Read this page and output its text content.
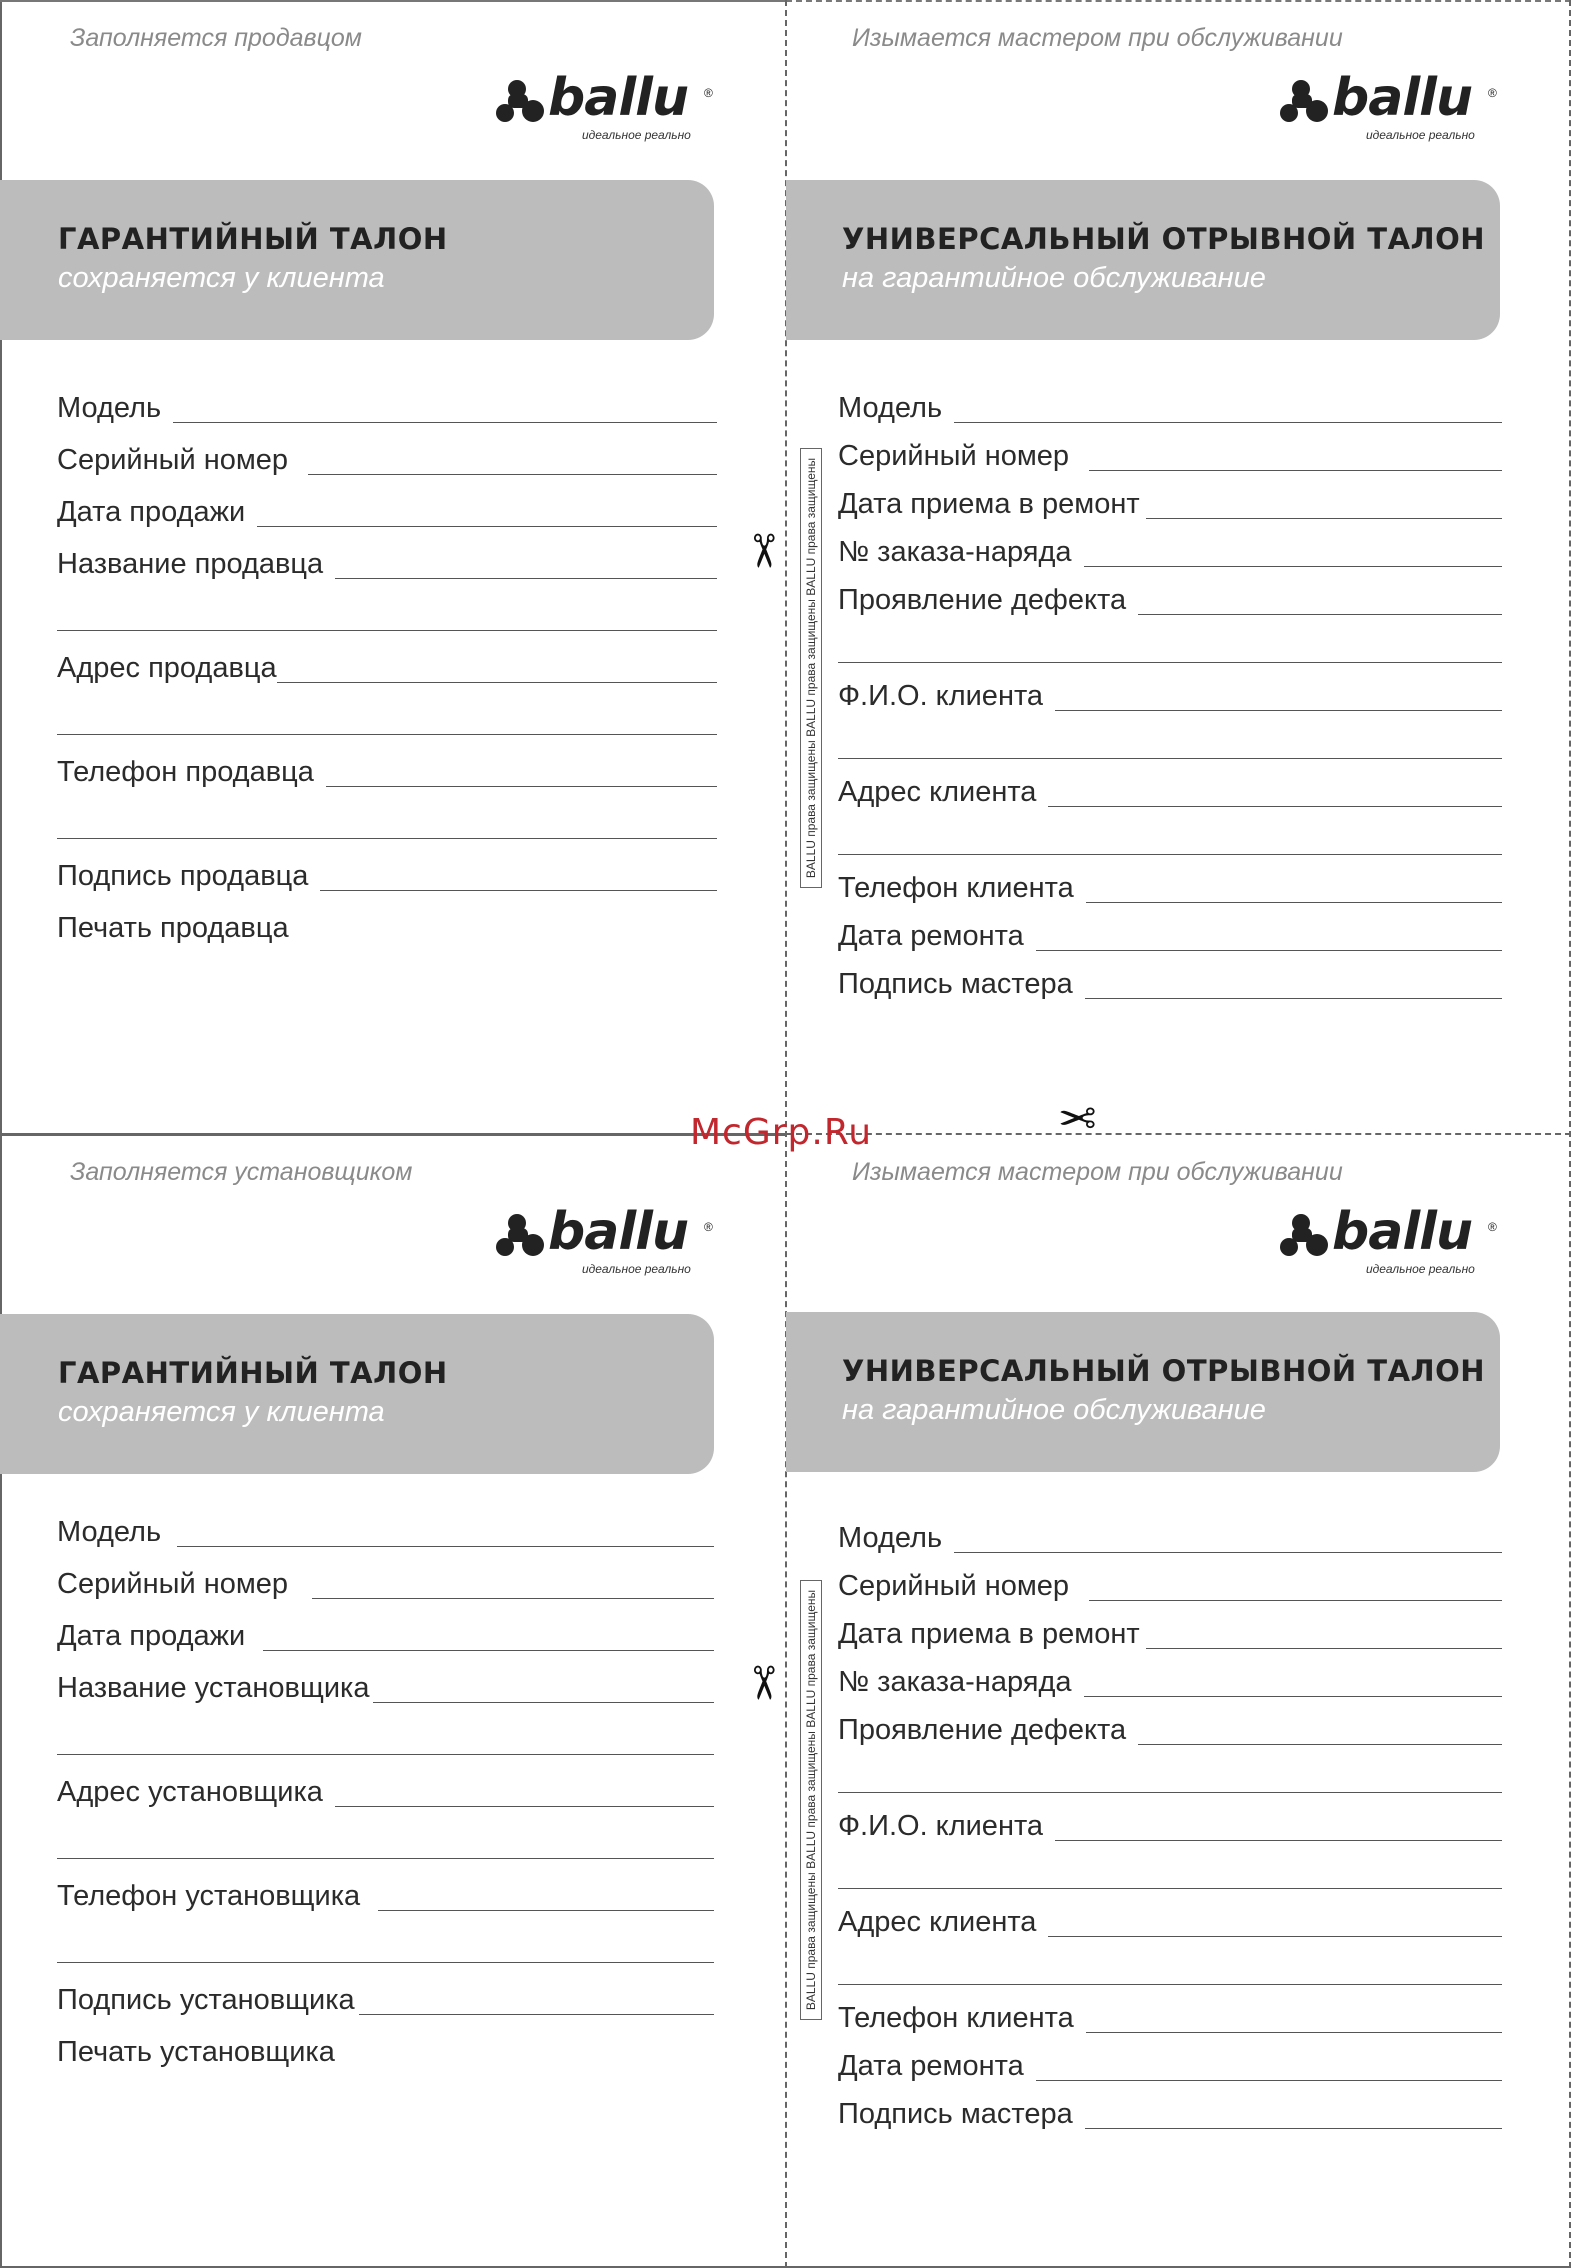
Заполняется продавцом
ballu ®
идеальное реально
ГАРАНТИЙНЫЙ ТАЛОН
сохраняется у клиента
Модель
Серийный номер
Дата продажи
Название продавца
Адрес продавца
Телефон продавца
Подпись продавца
Печать продавца
Изымается мастером при обслуживании
ballu ®
идеальное реально
УНИВЕРСАЛЬНЫЙ ОТРЫВНОЙ ТАЛОН
на гарантийное обслуживание
BALLU права защищены BALLU права защищены BALLU права защищены
Модель
Серийный номер
Дата приема в ремонт
№ заказа-наряда
Проявление дефекта
Ф.И.О. клиента
Адрес клиента
Телефон клиента
Дата ремонта
Подпись мастера
Заполняется установщиком
ballu ®
идеальное реально
ГАРАНТИЙНЫЙ ТАЛОН
сохраняется у клиента
Модель
Серийный номер
Дата продажи
Название установщика
Адрес установщика
Телефон установщика
Подпись установщика
Печать установщика
Изымается мастером при обслуживании
ballu ®
идеальное реально
УНИВЕРСАЛЬНЫЙ ОТРЫВНОЙ ТАЛОН
на гарантийное обслуживание
BALLU права защищены BALLU права защищены BALLU права защищены
Модель
Серийный номер
Дата приема в ремонт
№ заказа-наряда
Проявление дефекта
Ф.И.О. клиента
Адрес клиента
Телефон клиента
Дата ремонта
Подпись мастера
✂
✂
✂
McGrp.Ru
